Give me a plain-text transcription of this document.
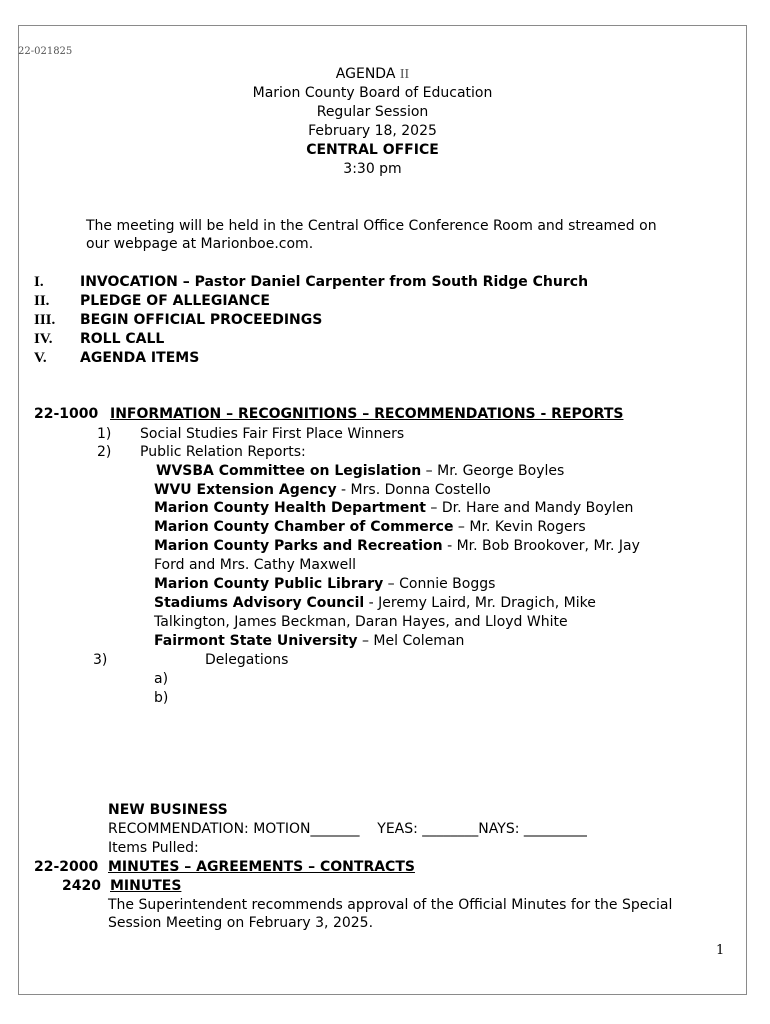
22-021825
AGENDA II
Marion County Board of Education
Regular Session
February 18, 2025
CENTRAL OFFICE
3:30 pm
The meeting will be held in the Central Office Conference Room and streamed on
our webpage at Marionboe.com.
I.	INVOCATION – Pastor Daniel Carpenter from South Ridge Church
II. PLEDGE OF ALLEGIANCE
III. BEGIN OFFICIAL PROCEEDINGS
IV. ROLL CALL
V. AGENDA ITEMS
22-1000 INFORMATION – RECOGNITIONS – RECOMMENDATIONS - REPORTS
1) Social Studies Fair First Place Winners
2) Public Relation Reports:
WVSBA Committee on Legislation – Mr. George Boyles
WVU Extension Agency - Mrs. Donna Costello
Marion County Health Department – Dr. Hare and Mandy Boylen
Marion County Chamber of Commerce – Mr. Kevin Rogers
Marion County Parks and Recreation - Mr. Bob Brookover, Mr. Jay
Ford and Mrs. Cathy Maxwell
Marion County Public Library – Connie Boggs
Stadiums Advisory Council - Jeremy Laird, Mr. Dragich, Mike
Talkington, James Beckman, Daran Hayes, and Lloyd White
Fairmont State University – Mel Coleman
3)	Delegations
a)
b)
NEW BUSINESS
RECOMMENDATION: MOTION_______    YEAS: ________NAYS: _________
Items Pulled:
22-2000 MINUTES – AGREEMENTS – CONTRACTS
2420 MINUTES
The Superintendent recommends approval of the Official Minutes for the Special
Session Meeting on February 3, 2025.
1
